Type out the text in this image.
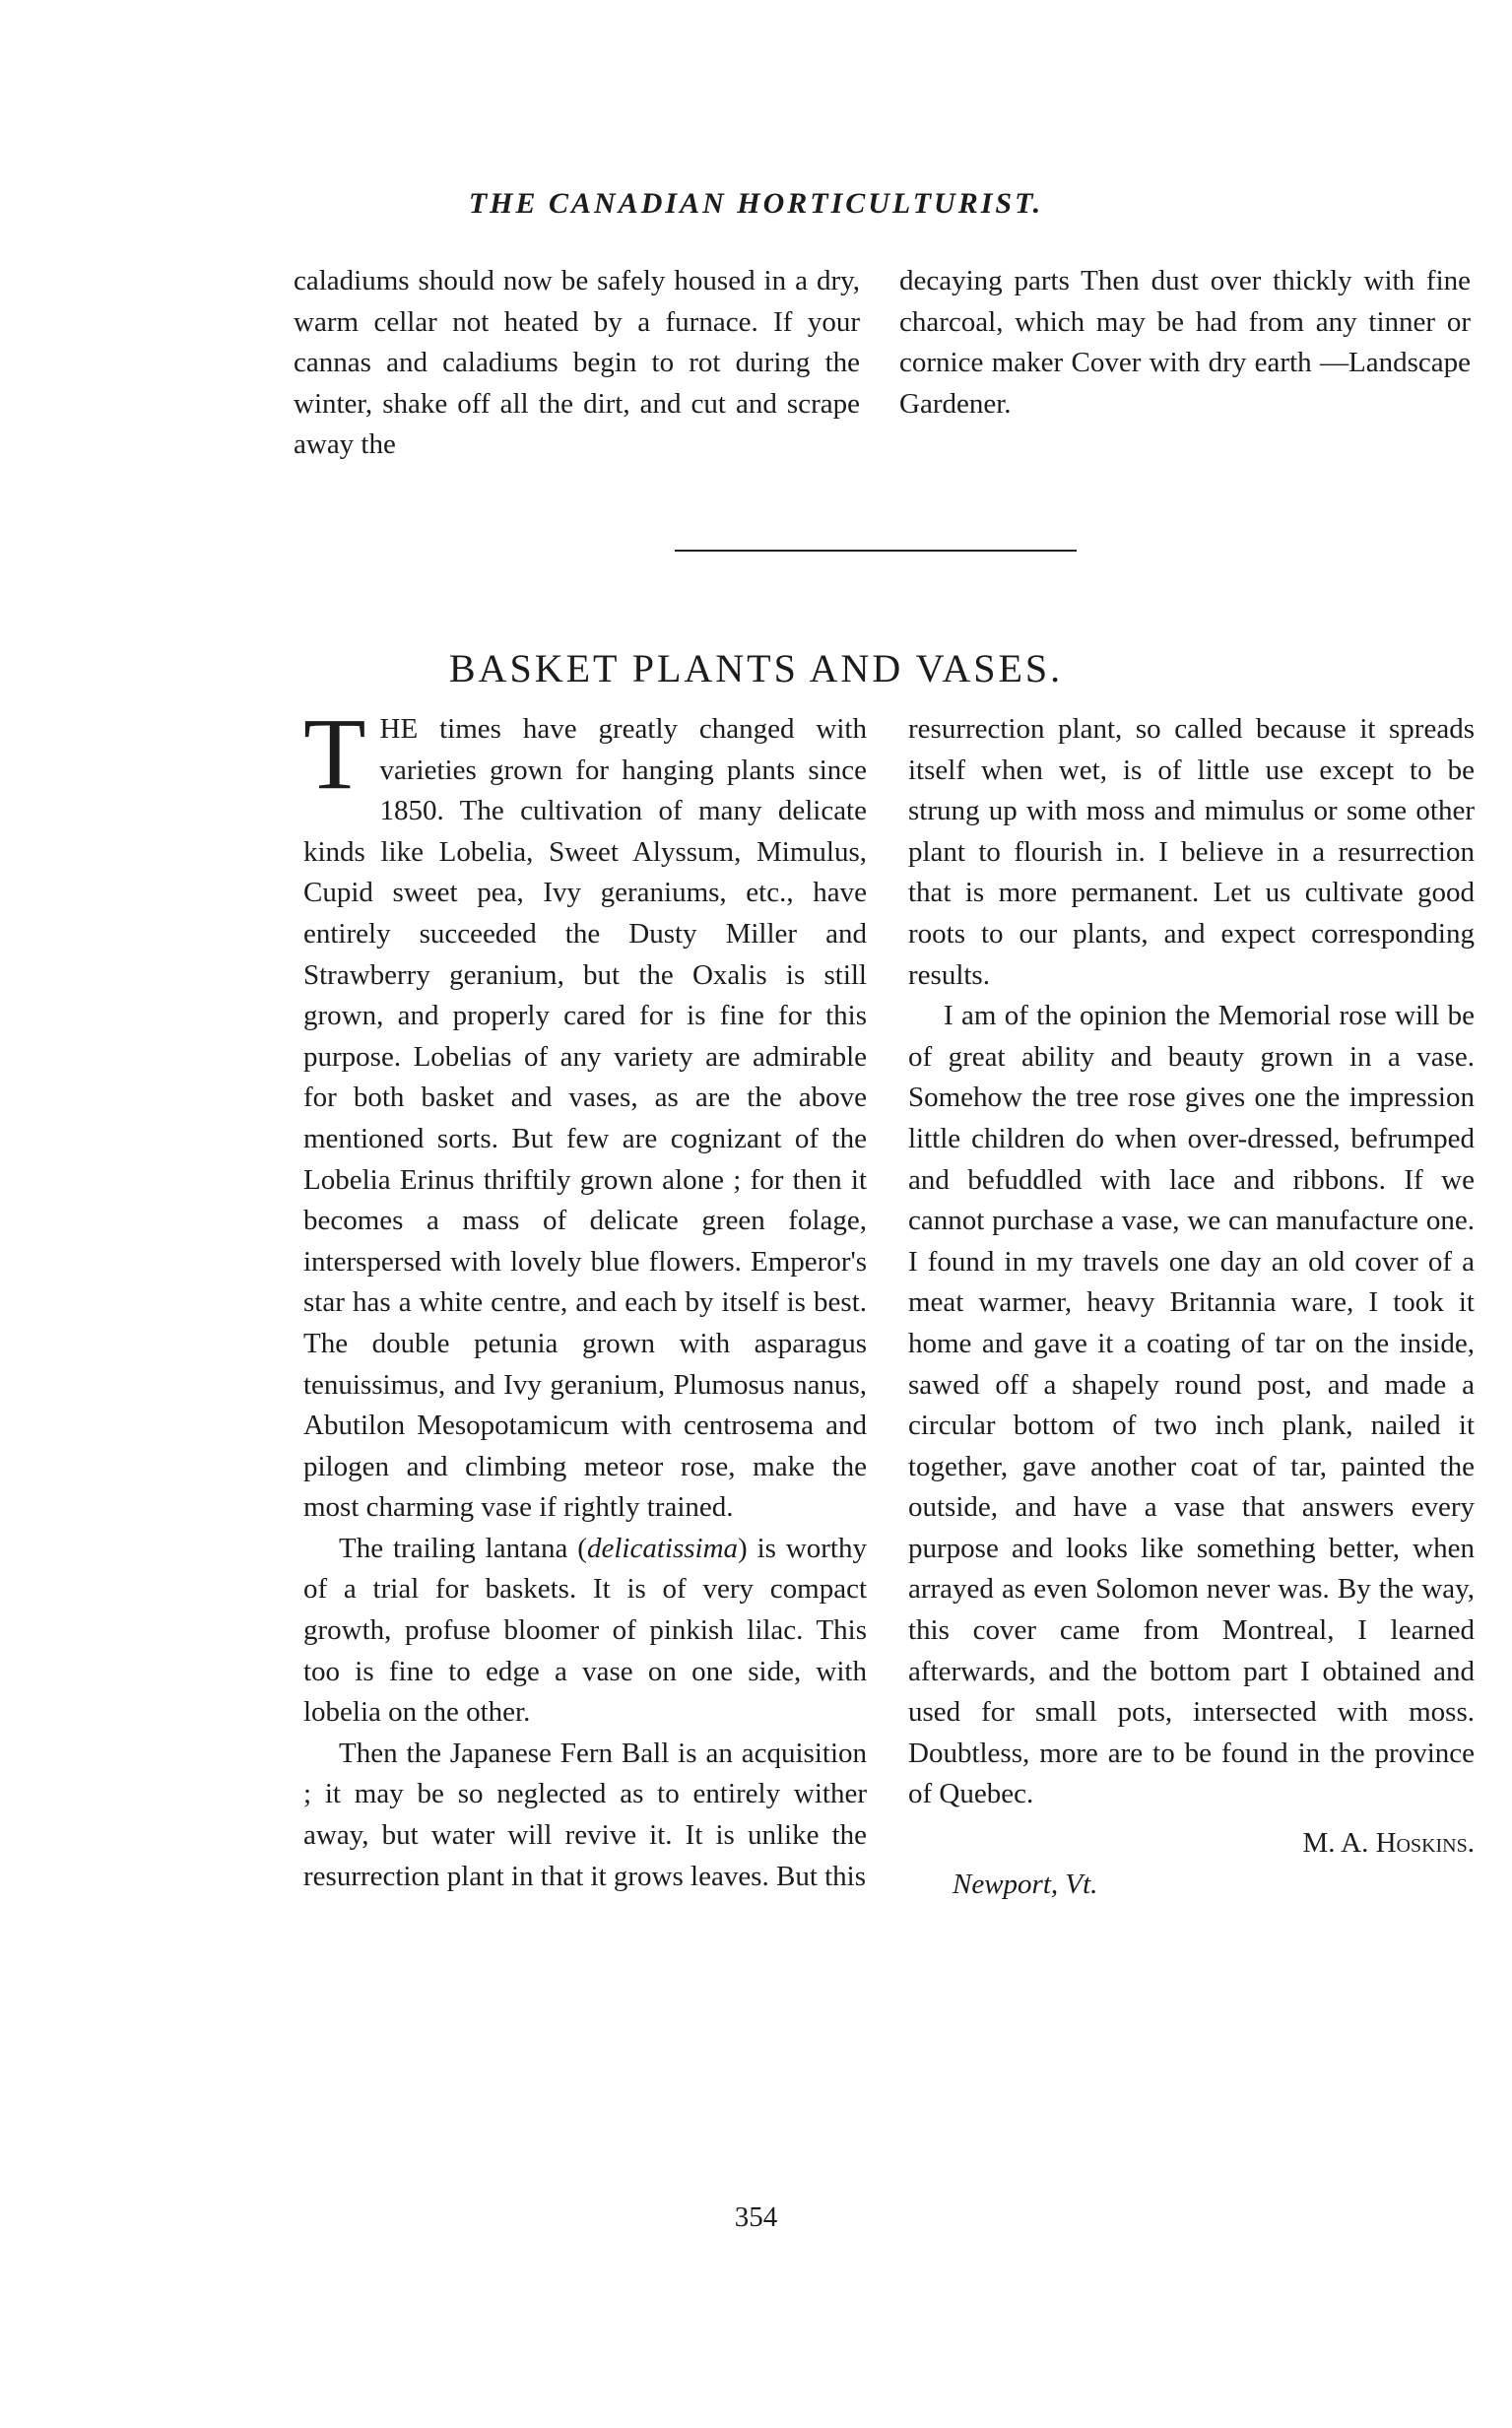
THE CANADIAN HORTICULTURIST.

caladiums should now be safely housed in a dry, warm cellar not heated by a furnace. If your cannas and caladiums begin to rot during the winter, shake off all the dirt, and cut and scrape away the

decaying parts Then dust over thickly with fine charcoal, which may be had from any tinner or cornice maker Cover with dry earth —Landscape Gardener.

BASKET PLANTS AND VASES.

THE times have greatly changed with varieties grown for hanging plants since 1850. The cultivation of many delicate kinds like Lobelia, Sweet Alyssum, Mimulus, Cupid sweet pea, Ivy geraniums, etc., have entirely succeeded the Dusty Miller and Strawberry geranium, but the Oxalis is still grown, and properly cared for is fine for this purpose. Lobelias of any variety are admirable for both basket and vases, as are the above mentioned sorts. But few are cognizant of the Lobelia Erinus thriftily grown alone ; for then it becomes a mass of delicate green folage, interspersed with lovely blue flowers. Emperor's star has a white centre, and each by itself is best. The double petunia grown with asparagus tenuissimus, and Ivy geranium, Plumosus nanus, Abutilon Mesopotamicum with centrosema and pilogen and climbing meteor rose, make the most charming vase if rightly trained.

The trailing lantana (delicatissima) is worthy of a trial for baskets. It is of very compact growth, profuse bloomer of pinkish lilac. This too is fine to edge a vase on one side, with lobelia on the other.

Then the Japanese Fern Ball is an acquisition ; it may be so neglected as to entirely wither away, but water will revive it. It is unlike the resurrection plant in that it grows leaves. But this

resurrection plant, so called because it spreads itself when wet, is of little use except to be strung up with moss and mimulus or some other plant to flourish in. I believe in a resurrection that is more permanent. Let us cultivate good roots to our plants, and expect corresponding results.

I am of the opinion the Memorial rose will be of great ability and beauty grown in a vase. Somehow the tree rose gives one the impression little children do when over-dressed, befrumped and befuddled with lace and ribbons. If we cannot purchase a vase, we can manufacture one. I found in my travels one day an old cover of a meat warmer, heavy Britannia ware, I took it home and gave it a coating of tar on the inside, sawed off a shapely round post, and made a circular bottom of two inch plank, nailed it together, gave another coat of tar, painted the outside, and have a vase that answers every purpose and looks like something better, when arrayed as even Solomon never was. By the way, this cover came from Montreal, I learned afterwards, and the bottom part I obtained and used for small pots, intersected with moss. Doubtless, more are to be found in the province of Quebec.

M. A. Hoskins.

Newport, Vt.

354
